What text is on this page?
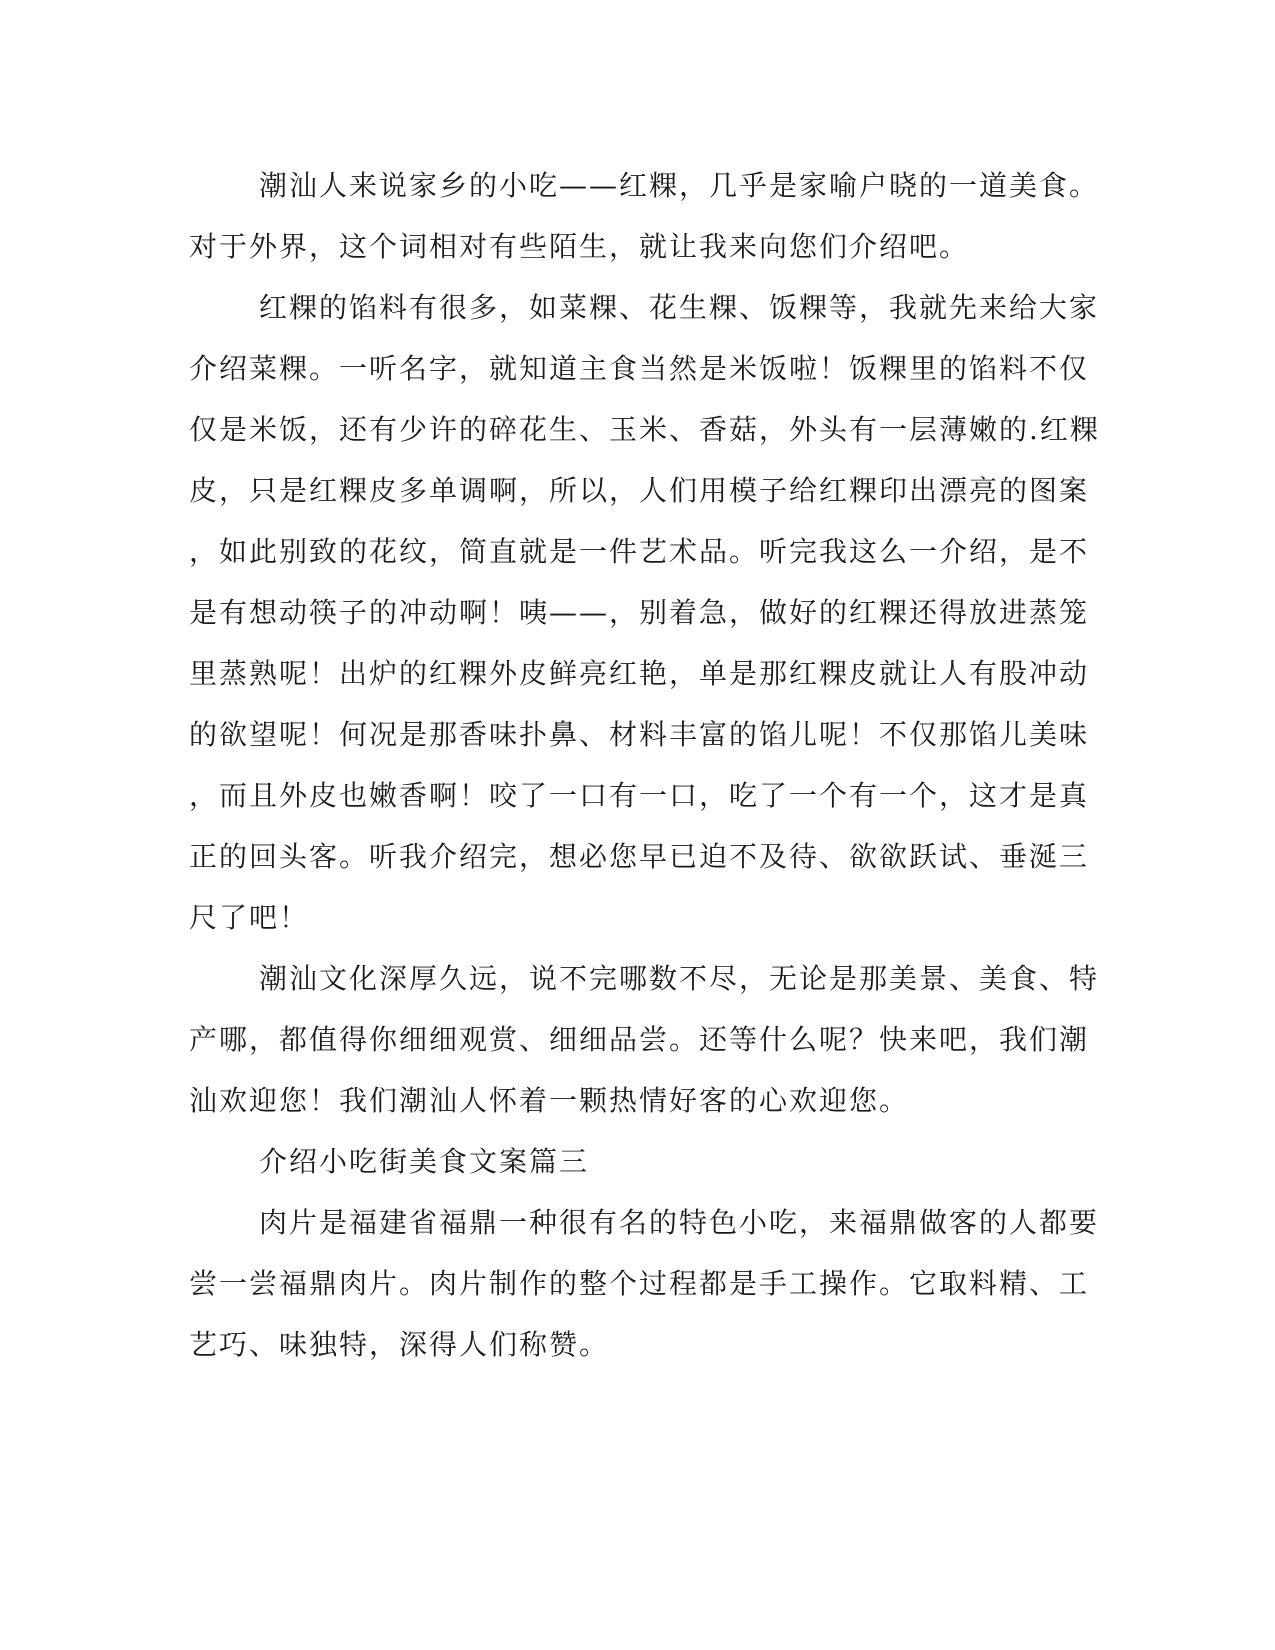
潮汕人来说家乡的小吃——红粿，几乎是家喻户晓的一道美食。
对于外界，这个词相对有些陌生，就让我来向您们介绍吧。
红粿的馅料有很多，如菜粿、花生粿、饭粿等，我就先来给大家
介绍菜粿。一听名字，就知道主食当然是米饭啦！饭粿里的馅料不仅
仅是米饭，还有少许的碎花生、玉米、香菇，外头有一层薄嫩的.红粿
皮，只是红粿皮多单调啊，所以，人们用模子给红粿印出漂亮的图案
，如此别致的花纹，简直就是一件艺术品。听完我这么一介绍，是不
是有想动筷子的冲动啊！咦——，别着急，做好的红粿还得放进蒸笼
里蒸熟呢！出炉的红粿外皮鲜亮红艳，单是那红粿皮就让人有股冲动
的欲望呢！何况是那香味扑鼻、材料丰富的馅儿呢！不仅那馅儿美味
，而且外皮也嫩香啊！咬了一口有一口，吃了一个有一个，这才是真
正的回头客。听我介绍完，想必您早已迫不及待、欲欲跃试、垂涎三
尺了吧！
潮汕文化深厚久远，说不完哪数不尽，无论是那美景、美食、特
产哪，都值得你细细观赏、细细品尝。还等什么呢？快来吧，我们潮
汕欢迎您！我们潮汕人怀着一颗热情好客的心欢迎您。
介绍小吃街美食文案篇三
肉片是福建省福鼎一种很有名的特色小吃，来福鼎做客的人都要
尝一尝福鼎肉片。肉片制作的整个过程都是手工操作。它取料精、工
艺巧、味独特，深得人们称赞。
